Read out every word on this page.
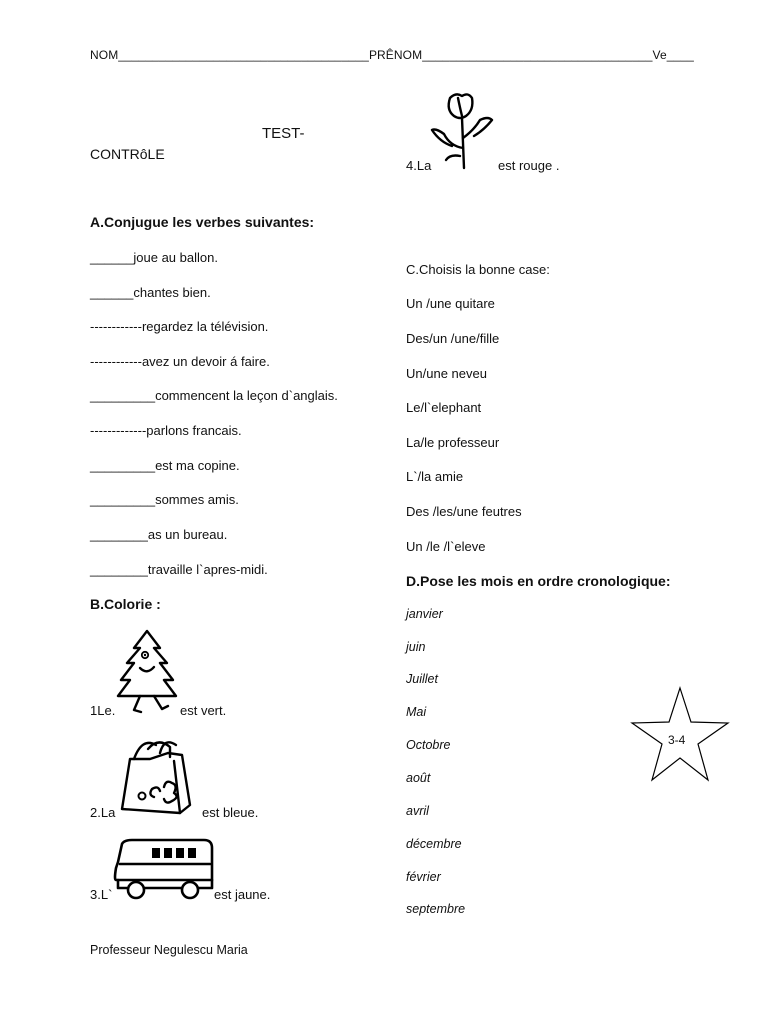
NOM_____________________________________PRÊNOM__________________________________Ve____
TEST-
CONTRôLE
A.Conjugue les verbes suivantes:
______joue au ballon.
______chantes bien.
------------regardez la télévision.
------------avez un devoir á faire.
_________commencent la leçon d`anglais.
-------------parlons francais.
_________est ma copine.
_________sommes amis.
________as un bureau.
________travaille l`apres-midi.
B.Colorie :
1Le.	est vert.
2.La	est bleue.
3.L`	est jaune.
4.La	est rouge .
C.Choisis la bonne case:
Un /une quitare
Des/un /une/fille
Un/une neveu
Le/l`elephant
La/le professeur
L`/la amie
Des /les/une feutres
Un /le /l`eleve
D.Pose les mois en ordre cronologique:
janvier
juin
Juillet
Mai
Octobre
août
avril
décembre
février
septembre
3-4
Professeur Negulescu Maria
